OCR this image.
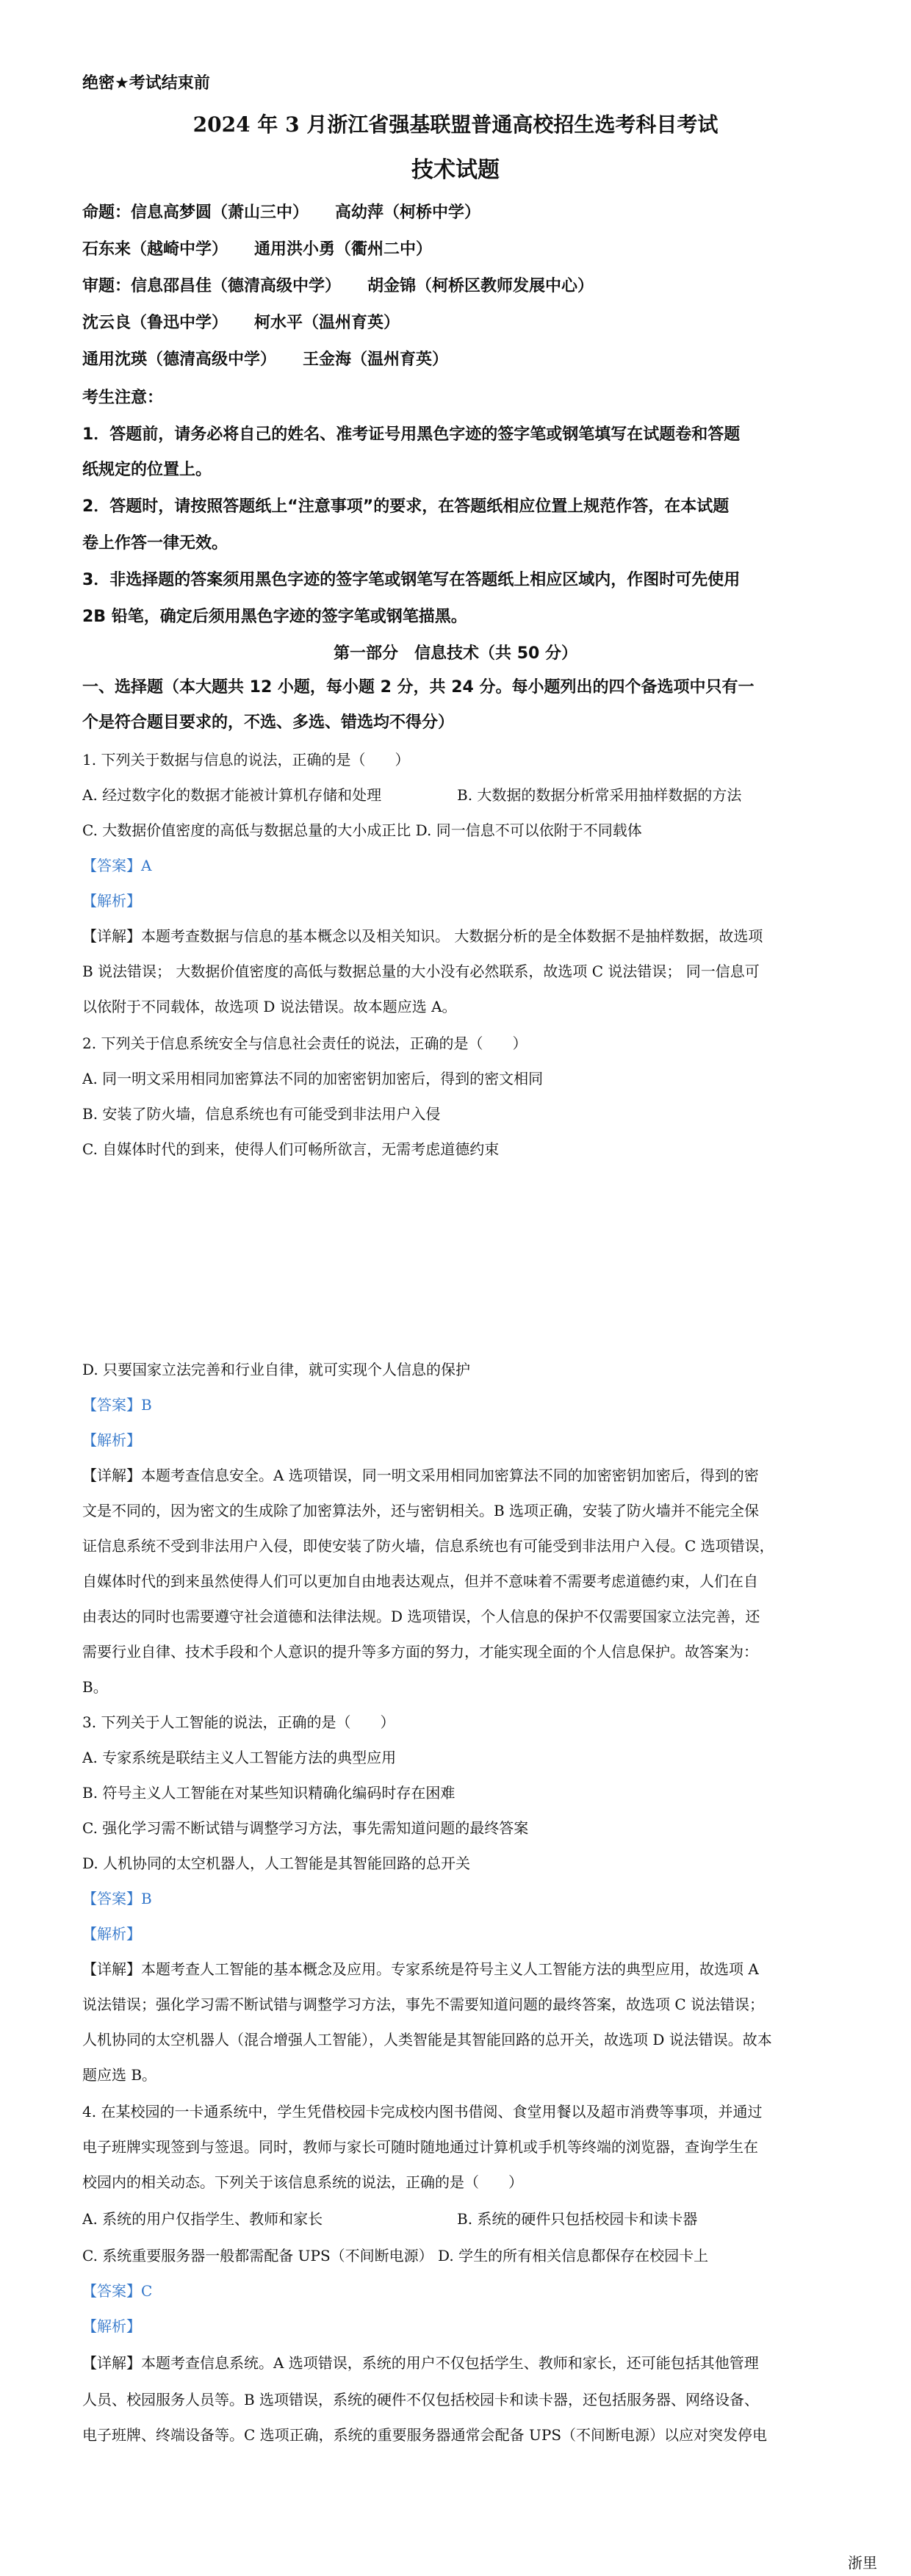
绝密★考试结束前
2024 年 3 月浙江省强基联盟普通高校招生选考科目考试
技术试题
命题：信息高梦圆（萧山三中） 高幼萍（柯桥中学）
石东来（越崎中学） 通用洪小勇（衢州二中）
审题：信息邵昌佳（德清高级中学） 胡金锦（柯桥区教师发展中心）
沈云良（鲁迅中学） 柯水平（温州育英）
通用沈瑛（德清高级中学） 王金海（温州育英）
考生注意：
1．答题前，请务必将自己的姓名、准考证号用黑色字迹的签字笔或钢笔填写在试题卷和答题
纸规定的位置上。
2．答题时，请按照答题纸上“注意事项”的要求，在答题纸相应位置上规范作答，在本试题
卷上作答一律无效。
3．非选择题的答案须用黑色字迹的签字笔或钢笔写在答题纸上相应区域内，作图时可先使用
2B 铅笔，确定后须用黑色字迹的签字笔或钢笔描黑。
第一部分　信息技术（共 50 分）
一、选择题（本大题共 12 小题，每小题 2 分，共 24 分。每小题列出的四个备选项中只有一
个是符合题目要求的，不选、多选、错选均不得分）
1. 下列关于数据与信息的说法，正确的是（　　）
A. 经过数字化的数据才能被计算机存储和处理	B. 大数据的数据分析常采用抽样数据的方法
C. 大数据价值密度的高低与数据总量的大小成正比 D. 同一信息不可以依附于不同载体
【答案】A
【解析】
【详解】本题考查数据与信息的基本概念以及相关知识。 大数据分析的是全体数据不是抽样数据，故选项
B 说法错误； 大数据价值密度的高低与数据总量的大小没有必然联系，故选项 C 说法错误； 同一信息可
以依附于不同载体，故选项 D 说法错误。故本题应选 A。
2. 下列关于信息系统安全与信息社会责任的说法，正确的是（　　）
A. 同一明文采用相同加密算法不同的加密密钥加密后，得到的密文相同
B. 安装了防火墙，信息系统也有可能受到非法用户入侵
C. 自媒体时代的到来，使得人们可畅所欲言，无需考虑道德约束
D. 只要国家立法完善和行业自律，就可实现个人信息的保护
【答案】B
【解析】
【详解】本题考查信息安全。A 选项错误，同一明文采用相同加密算法不同的加密密钥加密后，得到的密
文是不同的，因为密文的生成除了加密算法外，还与密钥相关。B 选项正确，安装了防火墙并不能完全保
证信息系统不受到非法用户入侵，即使安装了防火墙，信息系统也有可能受到非法用户入侵。C 选项错误，
自媒体时代的到来虽然使得人们可以更加自由地表达观点，但并不意味着不需要考虑道德约束，人们在自
由表达的同时也需要遵守社会道德和法律法规。D 选项错误，个人信息的保护不仅需要国家立法完善，还
需要行业自律、技术手段和个人意识的提升等多方面的努力，才能实现全面的个人信息保护。故答案为：
B。
3. 下列关于人工智能的说法，正确的是（　　）
A. 专家系统是联结主义人工智能方法的典型应用
B. 符号主义人工智能在对某些知识精确化编码时存在困难
C. 强化学习需不断试错与调整学习方法，事先需知道问题的最终答案
D. 人机协同的太空机器人，人工智能是其智能回路的总开关
【答案】B
【解析】
【详解】本题考查人工智能的基本概念及应用。专家系统是符号主义人工智能方法的典型应用，故选项 A
说法错误；强化学习需不断试错与调整学习方法，事先不需要知道问题的最终答案，故选项 C 说法错误；
人机协同的太空机器人（混合增强人工智能），人类智能是其智能回路的总开关，故选项 D 说法错误。故本
题应选 B。
4. 在某校园的一卡通系统中，学生凭借校园卡完成校内图书借阅、食堂用餐以及超市消费等事项，并通过
电子班牌实现签到与签退。同时，教师与家长可随时随地通过计算机或手机等终端的浏览器，查询学生在
校园内的相关动态。下列关于该信息系统的说法，正确的是（　　）
A. 系统的用户仅指学生、教师和家长	B. 系统的硬件只包括校园卡和读卡器
C. 系统重要服务器一般都需配备 UPS（不间断电源） D. 学生的所有相关信息都保存在校园卡上
【答案】C
【解析】
【详解】本题考查信息系统。A 选项错误，系统的用户不仅包括学生、教师和家长，还可能包括其他管理
人员、校园服务人员等。B 选项错误，系统的硬件不仅包括校园卡和读卡器，还包括服务器、网络设备、
电子班牌、终端设备等。C 选项正确，系统的重要服务器通常会配备 UPS（不间断电源）以应对突发停电
浙里
